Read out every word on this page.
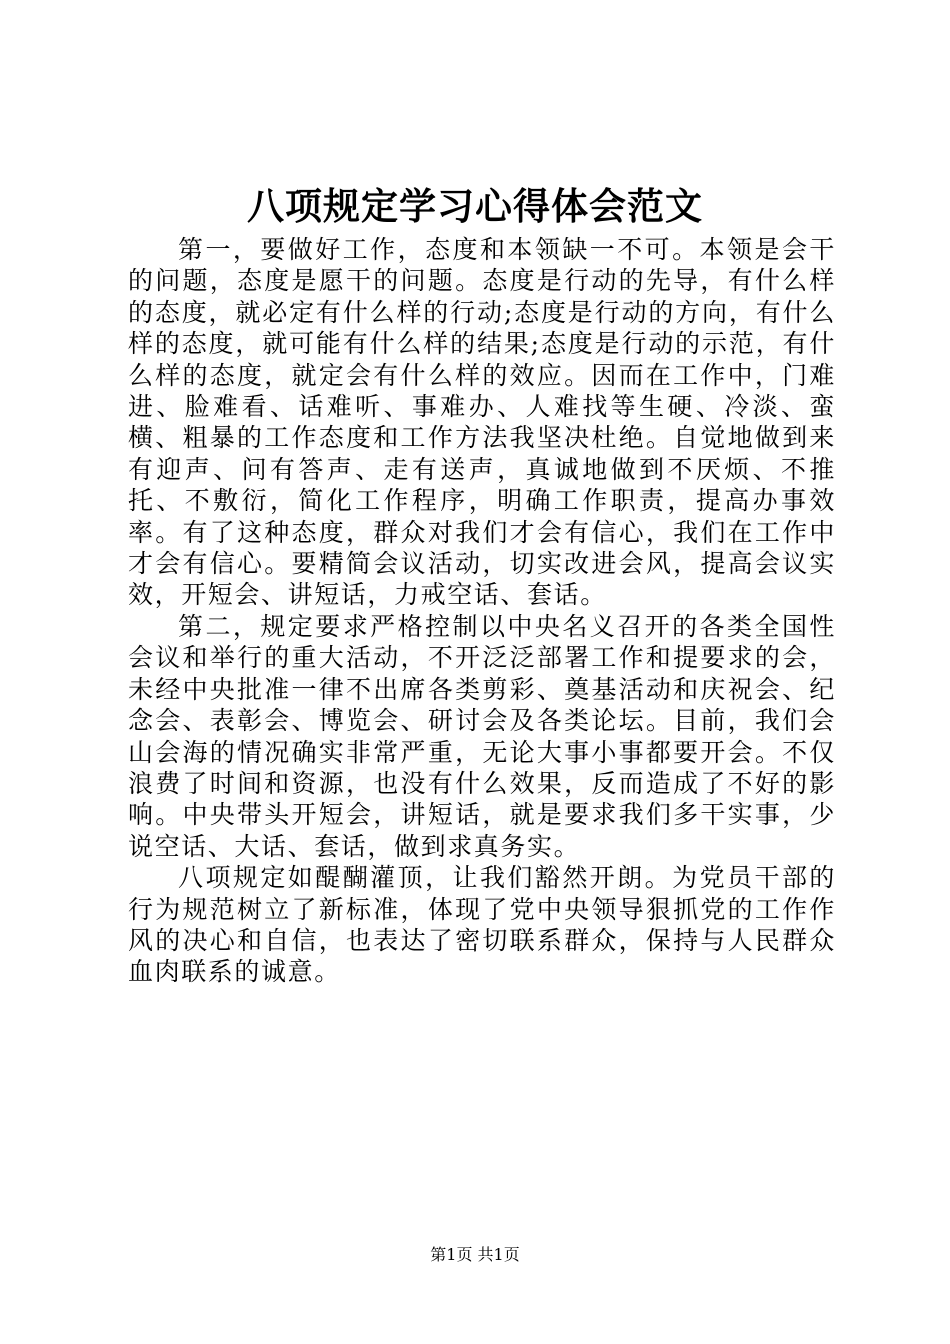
八项规定学习心得体会范文

第一，要做好工作，态度和本领缺一不可。本领是会干的问题，态度是愿干的问题。态度是行动的先导，有什么样的态度，就必定有什么样的行动;态度是行动的方向，有什么样的态度，就可能有什么样的结果;态度是行动的示范，有什么样的态度，就定会有什么样的效应。因而在工作中，门难进、脸难看、话难听、事难办、人难找等生硬、冷淡、蛮横、粗暴的工作态度和工作方法我坚决杜绝。自觉地做到来有迎声、问有答声、走有送声，真诚地做到不厌烦、不推托、不敷衍，简化工作程序，明确工作职责，提高办事效率。有了这种态度，群众对我们才会有信心，我们在工作中才会有信心。要精简会议活动，切实改进会风，提高会议实效，开短会、讲短话，力戒空话、套话。

第二，规定要求严格控制以中央名义召开的各类全国性会议和举行的重大活动，不开泛泛部署工作和提要求的会，未经中央批准一律不出席各类剪彩、奠基活动和庆祝会、纪念会、表彰会、博览会、研讨会及各类论坛。目前，我们会山会海的情况确实非常严重，无论大事小事都要开会。不仅浪费了时间和资源，也没有什么效果，反而造成了不好的影响。中央带头开短会，讲短话，就是要求我们多干实事，少说空话、大话、套话，做到求真务实。

八项规定如醍醐灌顶，让我们豁然开朗。为党员干部的行为规范树立了新标准，体现了党中央领导狠抓党的工作作风的决心和自信，也表达了密切联系群众，保持与人民群众血肉联系的诚意。

第1页 共1页
